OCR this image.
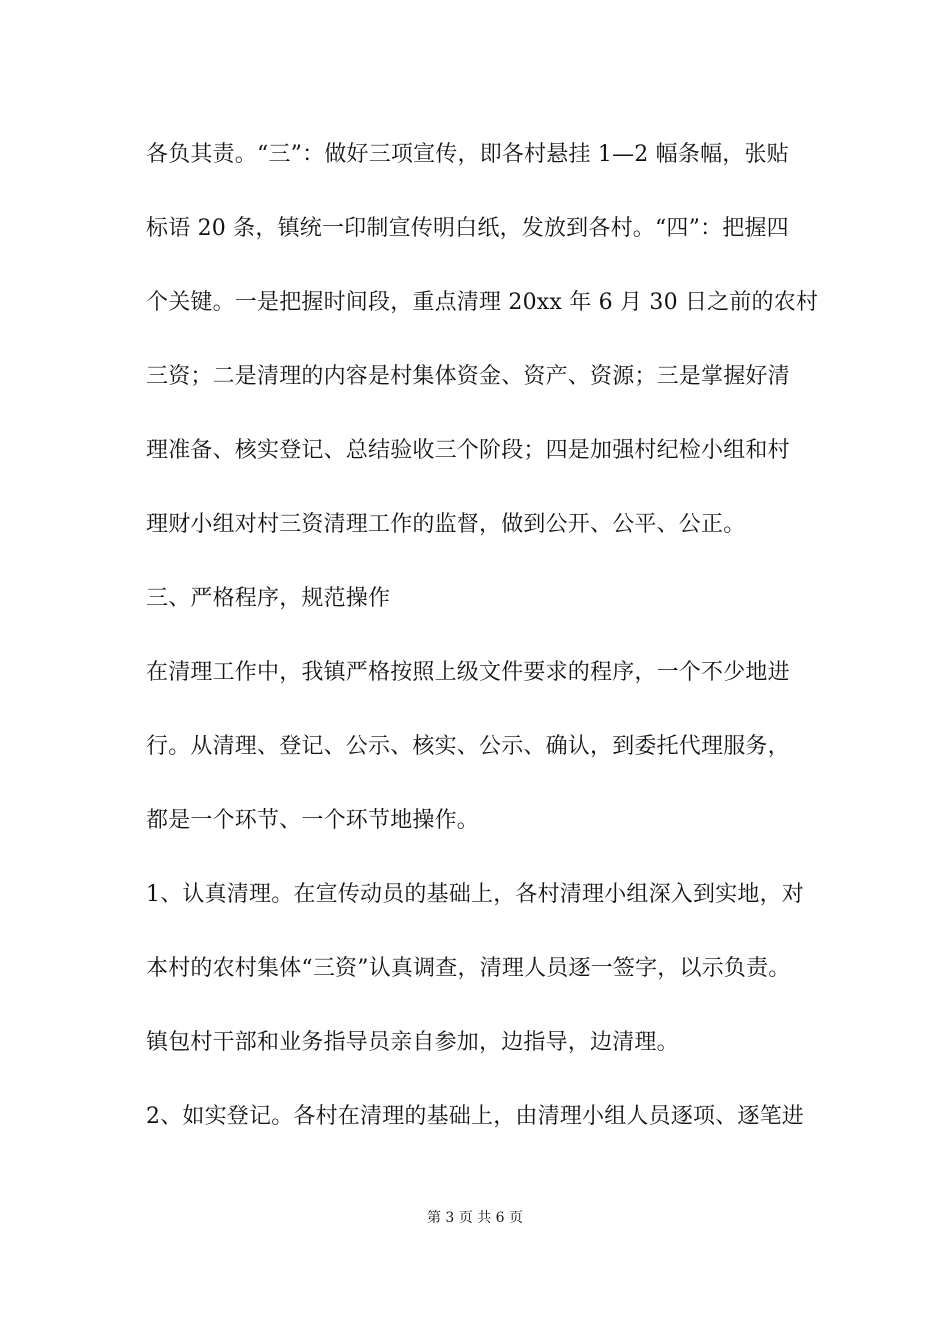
各负其责。“三”：做好三项宣传，即各村悬挂 1—2 幅条幅，张贴
标语 20 条，镇统一印制宣传明白纸，发放到各村。“四”：把握四
个关键。一是把握时间段，重点清理 20xx 年 6 月 30 日之前的农村
三资；二是清理的内容是村集体资金、资产、资源；三是掌握好清
理准备、核实登记、总结验收三个阶段；四是加强村纪检小组和村
理财小组对村三资清理工作的监督，做到公开、公平、公正。
三、严格程序，规范操作
在清理工作中，我镇严格按照上级文件要求的程序，一个不少地进
行。从清理、登记、公示、核实、公示、确认，到委托代理服务，
都是一个环节、一个环节地操作。
1、认真清理。在宣传动员的基础上，各村清理小组深入到实地，对
本村的农村集体“三资”认真调查，清理人员逐一签字，以示负责。
镇包村干部和业务指导员亲自参加，边指导，边清理。
2、如实登记。各村在清理的基础上，由清理小组人员逐项、逐笔进
第 3 页 共 6 页
